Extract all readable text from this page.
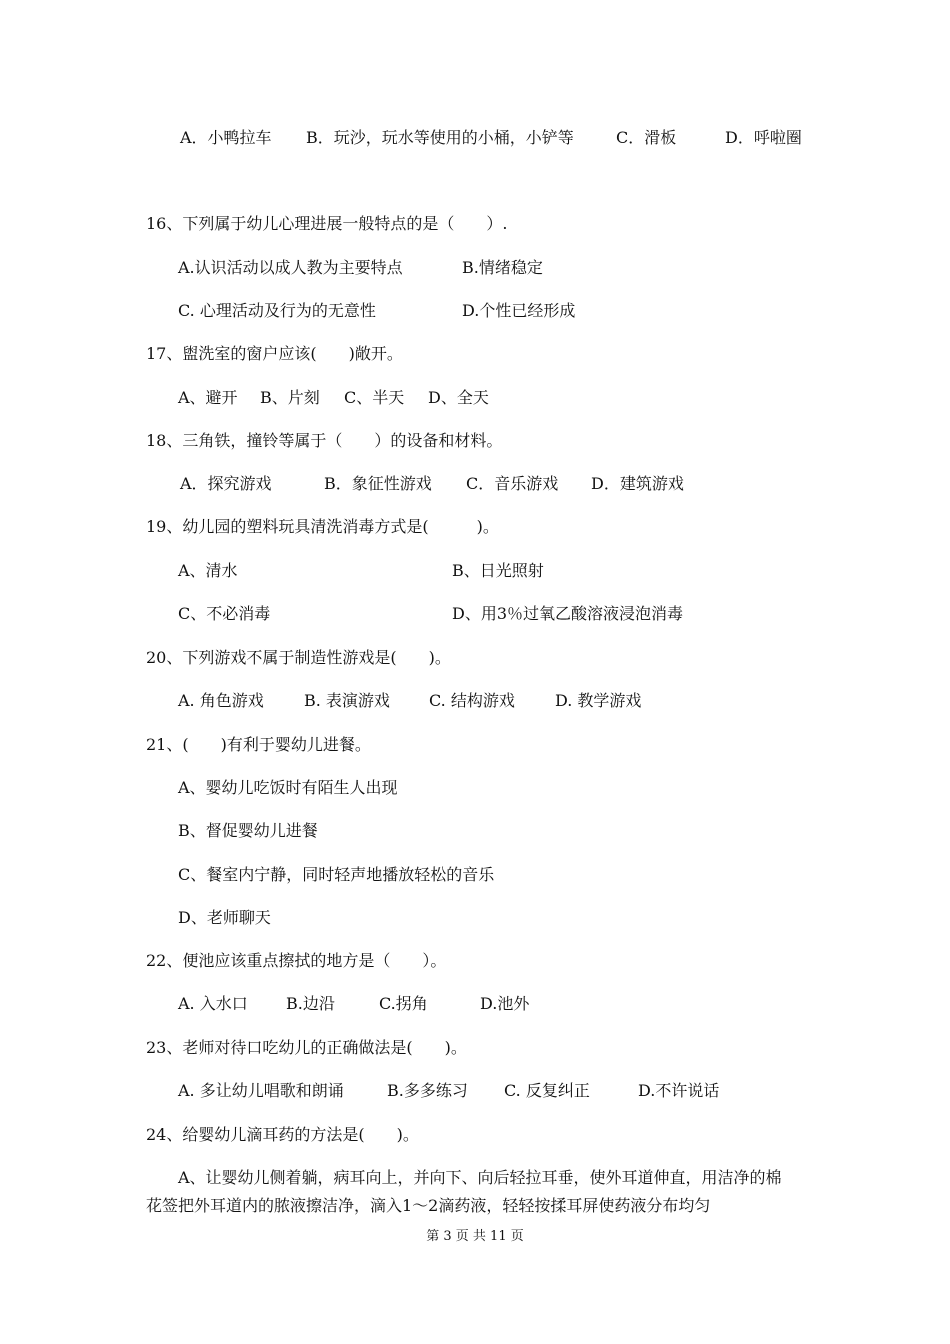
A．小鸭拉车 B．玩沙，玩水等使用的小桶，小铲等	C．滑板	D．呼啦圈
16、下列属于幼儿心理进展一般特点的是（　　）.
A.认识活动以成人教为主要特点	B.情绪稳定
C. 心理活动及行为的无意性	D.个性已经形成
17、盥洗室的窗户应该(　　)敞开。
A、避开 B、片刻 C、半天 D、全天
18、三角铁，撞铃等属于（　　）的设备和材料。
A．探究游戏	B．象征性游戏 C．音乐游戏 D．建筑游戏
19、幼儿园的塑料玩具清洗消毒方式是(　　　)。
A、清水	B、日光照射
C、不必消毒	D、用3％过氧乙酸溶液浸泡消毒
20、下列游戏不属于制造性游戏是(　　)。
A. 角色游戏	B. 表演游戏 C. 结构游戏	D. 教学游戏
21、(　　)有利于婴幼儿进餐。
A、婴幼儿吃饭时有陌生人出现
B、督促婴幼儿进餐
C、餐室内宁静，同时轻声地播放轻松的音乐
D、老师聊天
22、便池应该重点擦拭的地方是（　　）。
A. 入水口 B.边沿	C.拐角	D.池外
23、老师对待口吃幼儿的正确做法是(　　)。
A. 多让幼儿唱歌和朗诵	B.多多练习 C. 反复纠正	D.不许说话
24、给婴幼儿滴耳药的方法是(　　)。
A、让婴幼儿侧着躺，病耳向上，并向下、向后轻拉耳垂，使外耳道伸直，用洁净的棉
花签把外耳道内的脓液擦洁净，滴入1～2滴药液，轻轻按揉耳屏使药液分布均匀
第 3 页 共 11 页
